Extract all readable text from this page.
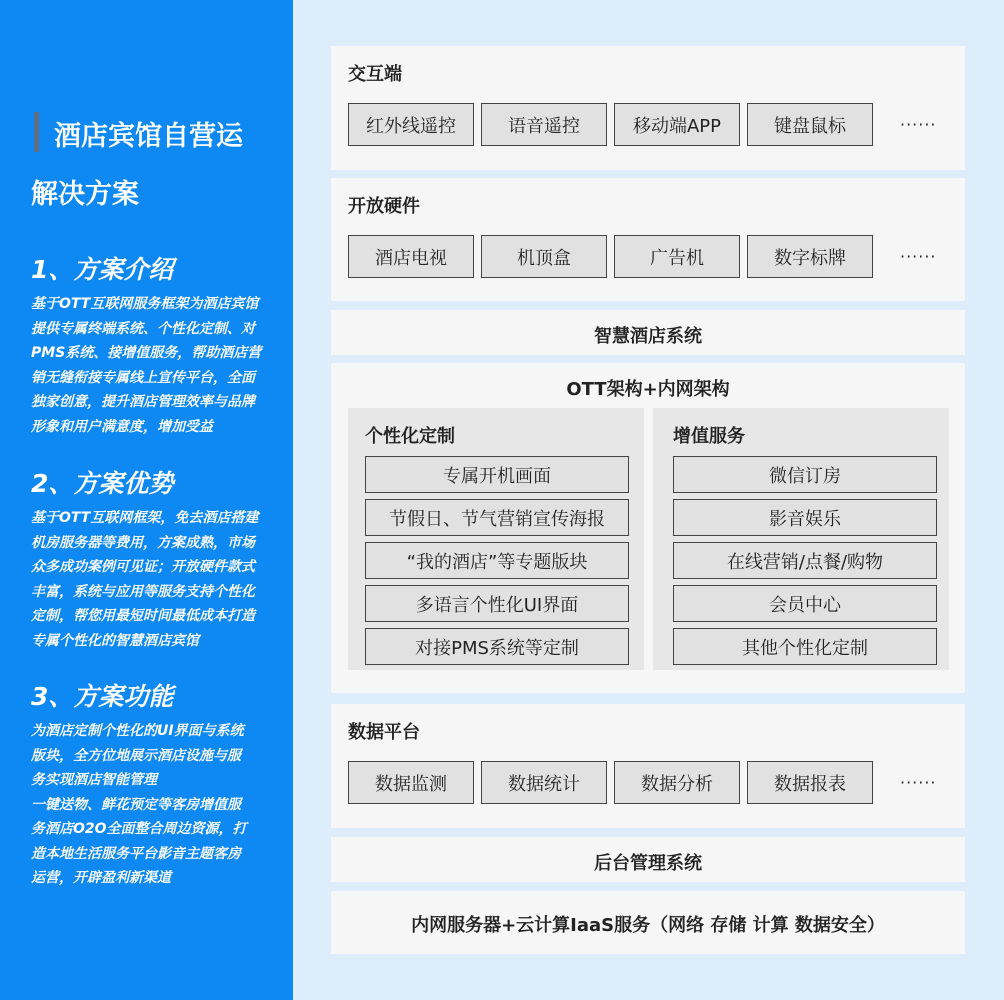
酒店宾馆自营运
解决方案
1、方案介绍
基于OTT互联网服务框架为酒店宾馆
提供专属终端系统、个性化定制、对
PMS系统、接增值服务，帮助酒店营
销无缝衔接专属线上宣传平台，全面
独家创意，提升酒店管理效率与品牌
形象和用户满意度，增加受益
2、方案优势
基于OTT互联网框架，免去酒店搭建
机房服务器等费用，方案成熟，市场
众多成功案例可见证；开放硬件款式
丰富，系统与应用等服务支持个性化
定制，帮您用最短时间最低成本打造
专属个性化的智慧酒店宾馆
3、方案功能
为酒店定制个性化的UI界面与系统
版块，全方位地展示酒店设施与服
务实现酒店智能管理
一键送物、鲜花预定等客房增值服
务酒店O2O全面整合周边资源，打
造本地生活服务平台影音主题客房
运营，开辟盈利新渠道
交互端
红外线遥控	语音遥控	移动端APP	键盘鼠标	······
开放硬件
酒店电视	机顶盒	广告机	数字标牌	······
智慧酒店系统
OTT架构+内网架构
个性化定制
专属开机画面
节假日、节气营销宣传海报
“我的酒店”等专题版块
多语言个性化UI界面
对接PMS系统等定制
增值服务
微信订房
影音娱乐
在线营销/点餐/购物
会员中心
其他个性化定制
数据平台
数据监测	数据统计	数据分析	数据报表	······
后台管理系统
内网服务器+云计算IaaS服务（网络 存储 计算 数据安全）
